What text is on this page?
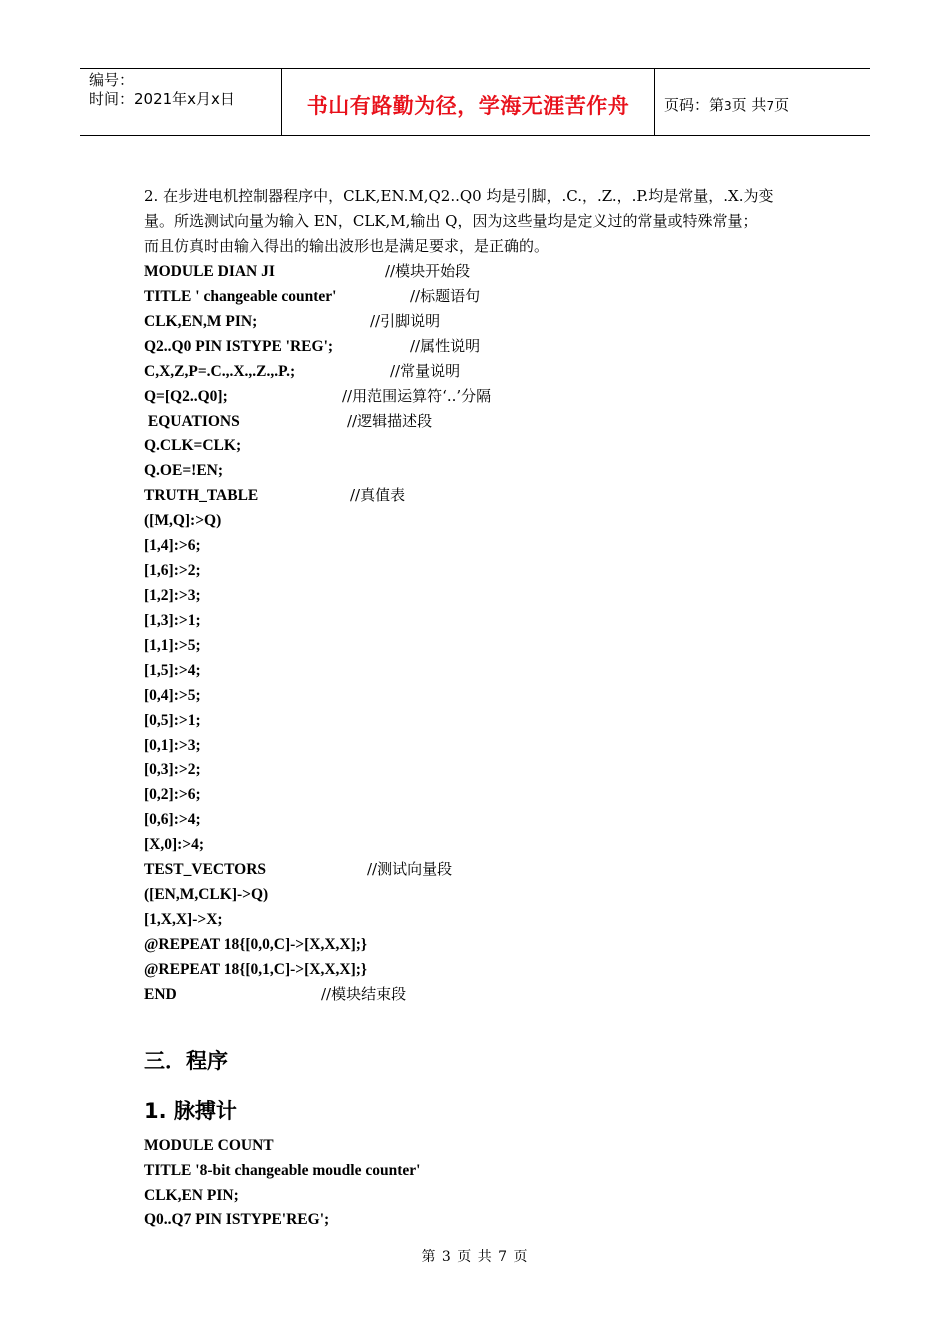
编号：
时间：2021年x月x日	书山有路勤为径，学海无涯苦作舟	页码：第3页 共7页
2. 在步进电机控制器程序中，CLK,EN.M,Q2..Q0 均是引脚，.C.，.Z.，.P.均是常量，.X.为变
量。所选测试向量为输入 EN，CLK,M,输出 Q，因为这些量均是定义过的常量或特殊常量；
而且仿真时由输入得出的输出波形也是满足要求，是正确的。
MODULE DIAN JI	//模块开始段
TITLE ' changeable counter'	//标题语句
CLK,EN,M PIN;	//引脚说明
Q2..Q0 PIN ISTYPE 'REG';	//属性说明
C,X,Z,P=.C.,.X.,.Z.,.P.;	//常量说明
Q=[Q2..Q0];	//用范围运算符‘..’分隔
EQUATIONS	//逻辑描述段
Q.CLK=CLK;
Q.OE=!EN;
TRUTH_TABLE	//真值表
([M,Q]:>Q)
[1,4]:>6;
[1,6]:>2;
[1,2]:>3;
[1,3]:>1;
[1,1]:>5;
[1,5]:>4;
[0,4]:>5;
[0,5]:>1;
[0,1]:>3;
[0,3]:>2;
[0,2]:>6;
[0,6]:>4;
[X,0]:>4;
TEST_VECTORS	//测试向量段
([EN,M,CLK]->Q)
[1,X,X]->X;
@REPEAT 18{[0,0,C]->[X,X,X];}
@REPEAT 18{[0,1,C]->[X,X,X];}
END	//模块结束段
三．程序
1. 脉搏计
MODULE COUNT
TITLE '8-bit changeable moudle counter'
CLK,EN PIN;
Q0..Q7 PIN ISTYPE'REG';
第 3 页 共 7 页
